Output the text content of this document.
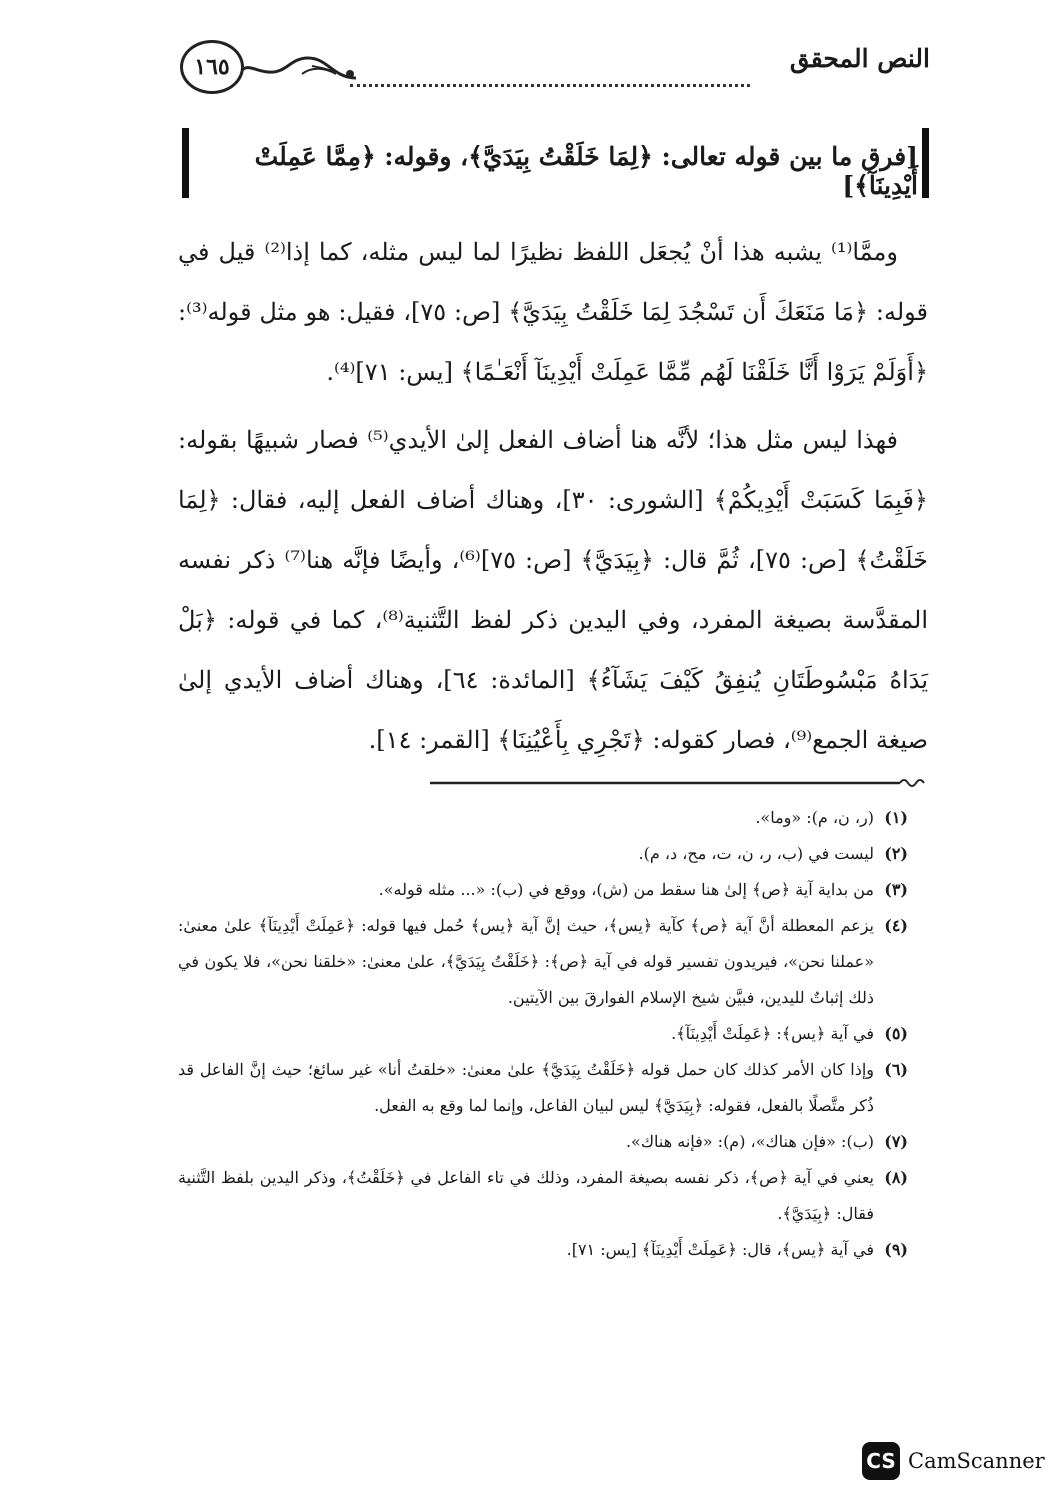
النص المحقق
١٦٥
[فرق ما بين قوله تعالى: ﴿لِمَا خَلَقْتُ بِيَدَيَّ﴾، وقوله: ﴿مِمَّا عَمِلَتْ أَيْدِينَآ﴾]

وممَّا⁽¹⁾ يشبه هذا أنْ يُجعَل اللفظ نظيرًا لما ليس مثله، كما إذا⁽²⁾ قيل في قوله: ﴿مَا مَنَعَكَ أَن تَسْجُدَ لِمَا خَلَقْتُ بِيَدَيَّ﴾ [ص: ٧٥]، فقيل: هو مثل قوله⁽³⁾: ﴿أَوَلَمْ يَرَوْا أَنَّا خَلَقْنَا لَهُم مِّمَّا عَمِلَتْ أَيْدِينَآ أَنْعَـٰمًا﴾ [يس: ٧١]⁽⁴⁾.

فهذا ليس مثل هذا؛ لأنَّه هنا أضاف الفعل إلىٰ الأيدي⁽⁵⁾ فصار شبيهًا بقوله: ﴿فَبِمَا كَسَبَتْ أَيْدِيكُمْ﴾ [الشورى: ٣٠]، وهناك أضاف الفعل إليه، فقال: ﴿لِمَا خَلَقْتُ﴾ [ص: ٧٥]، ثُمَّ قال: ﴿بِيَدَيَّ﴾ [ص: ٧٥]⁽⁶⁾، وأيضًا فإنَّه هنا⁽⁷⁾ ذكر نفسه المقدَّسة بصيغة المفرد، وفي اليدين ذكر لفظ التَّثنية⁽⁸⁾، كما في قوله: ﴿بَلْ يَدَاهُ مَبْسُوطَتَانِ يُنفِقُ كَيْفَ يَشَآءُ﴾ [المائدة: ٦٤]، وهناك أضاف الأيدي إلىٰ صيغة الجمع⁽⁹⁾، فصار كقوله: ﴿تَجْرِي بِأَعْيُنِنَا﴾ [القمر: ١٤].

(١)
(ر، ن، م): «وما».
(٢)
ليست في (ب، ر، ن، ت، مح، د، م).
(٣)
من بداية آية ﴿ص﴾ إلىٰ هنا سقط من (ش)، ووقع في (ب): «... مثله قوله».
(٤)
يزعم المعطلة أنَّ آية ﴿ص﴾ كآية ﴿يس﴾، حيث إنَّ آية ﴿يس﴾ حُمل فيها قوله: ﴿عَمِلَتْ أَيْدِينَآ﴾ علىٰ معنىٰ: «عملنا نحن»، فيريدون تفسير قوله في آية ﴿ص﴾: ﴿خَلَقْتُ بِيَدَيَّ﴾، علىٰ معنىٰ: «خلقنا نحن»، فلا يكون في ذلك إثباتٌ لليدين، فبيَّن شيخ الإسلام الفوارقَ بين الآيتين.
(٥)
في آية ﴿يس﴾: ﴿عَمِلَتْ أَيْدِينَآ﴾.
(٦)
وإذا كان الأمر كذلك كان حمل قوله ﴿خَلَقْتُ بِيَدَيَّ﴾ علىٰ معنىٰ: «خلقتُ أنا» غير سائغ؛ حيث إنَّ الفاعل قد ذُكر متَّصلًا بالفعل، فقوله: ﴿بِيَدَيَّ﴾ ليس لبيان الفاعل، وإنما لما وقع به الفعل.
(٧)
(ب): «فإن هناك»، (م): «فإنه هناك».
(٨)
يعني في آية ﴿ص﴾، ذكر نفسه بصيغة المفرد، وذلك في تاء الفاعل في ﴿خَلَقْتُ﴾، وذكر اليدين بلفظ التَّثنية فقال: ﴿بِيَدَيَّ﴾.
(٩)
في آية ﴿يس﴾، قال: ﴿عَمِلَتْ أَيْدِينَآ﴾ [يس: ٧١].
CS CamScanner
